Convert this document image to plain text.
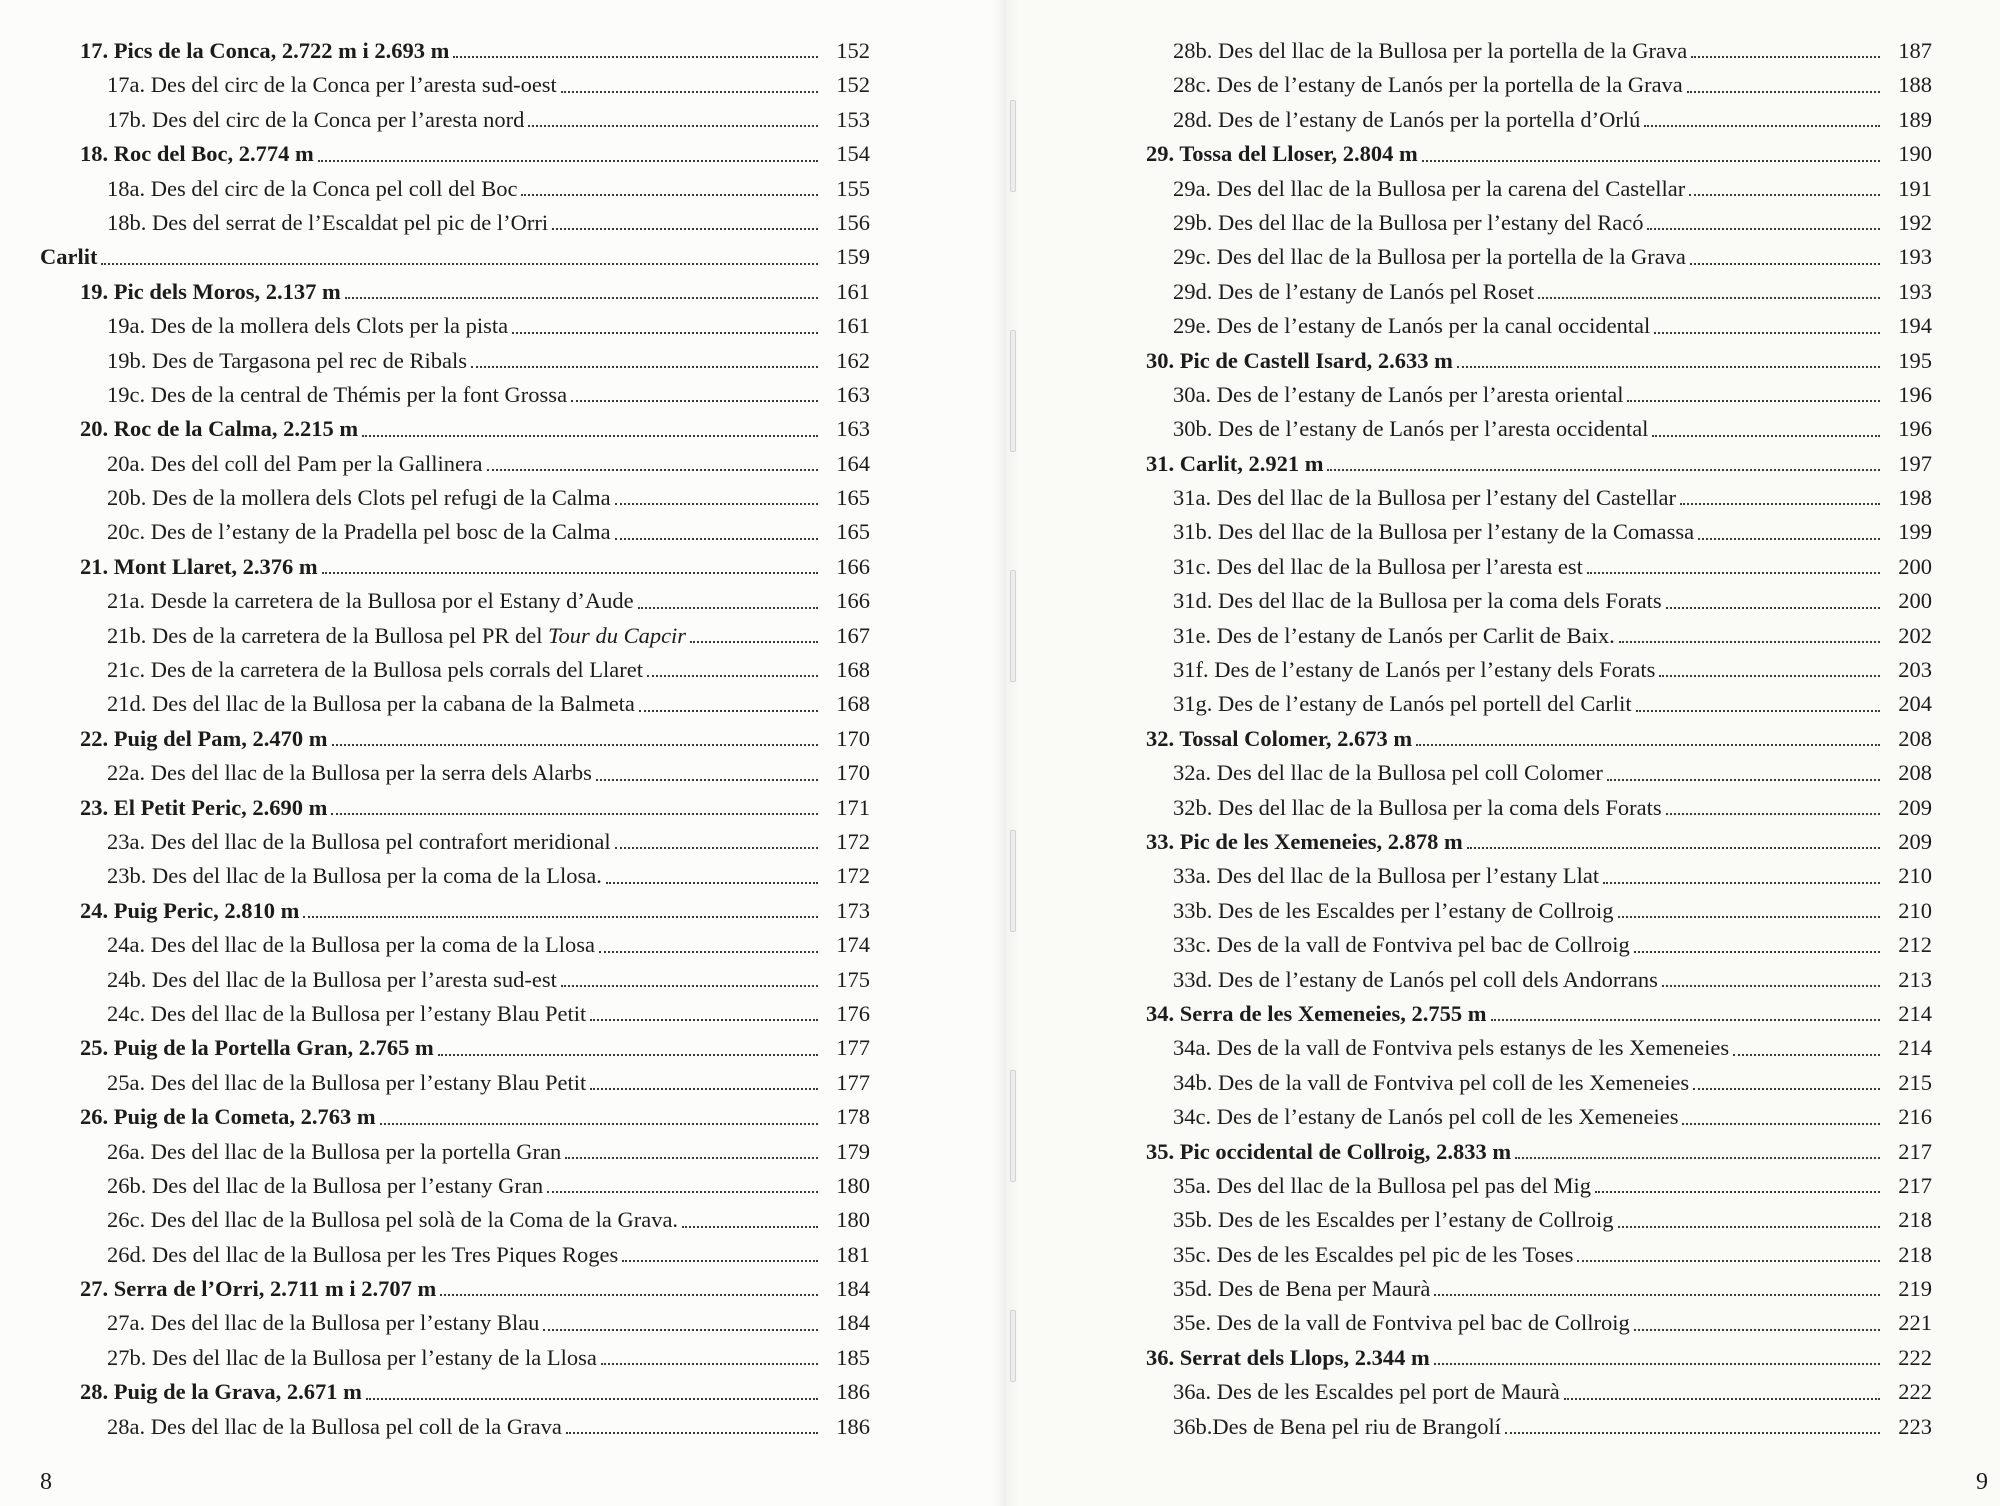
17. Pics de la Conca, 2.722 m i 2.693 m	152
17a. Des del circ de la Conca per l’aresta sud-oest	152
17b. Des del circ de la Conca per l’aresta nord	153
18. Roc del Boc, 2.774 m	154
18a. Des del circ de la Conca pel coll del Boc	155
18b. Des del serrat de l’Escaldat pel pic de l’Orri	156
Carlit	159
19. Pic dels Moros, 2.137 m	161
19a. Des de la mollera dels Clots per la pista	161
19b. Des de Targasona pel rec de Ribals	162
19c. Des de la central de Thémis per la font Grossa	163
20. Roc de la Calma, 2.215 m	163
20a. Des del coll del Pam per la Gallinera	164
20b. Des de la mollera dels Clots pel refugi de la Calma	165
20c. Des de l’estany de la Pradella pel bosc de la Calma	165
21. Mont Llaret, 2.376 m	166
21a. Desde la carretera de la Bullosa por el Estany d’Aude	166
21b. Des de la carretera de la Bullosa pel PR del Tour du Capcir	167
21c. Des de la carretera de la Bullosa pels corrals del Llaret	168
21d. Des del llac de la Bullosa per la cabana de la Balmeta	168
22. Puig del Pam, 2.470 m	170
22a. Des del llac de la Bullosa per la serra dels Alarbs	170
23. El Petit Peric, 2.690 m	171
23a. Des del llac de la Bullosa pel contrafort meridional	172
23b. Des del llac de la Bullosa per la coma de la Llosa.	172
24. Puig Peric, 2.810 m	173
24a. Des del llac de la Bullosa per la coma de la Llosa	174
24b. Des del llac de la Bullosa per l’aresta sud-est	175
24c. Des del llac de la Bullosa per l’estany Blau Petit	176
25. Puig de la Portella Gran, 2.765 m	177
25a. Des del llac de la Bullosa per l’estany Blau Petit	177
26. Puig de la Cometa, 2.763 m	178
26a. Des del llac de la Bullosa per la portella Gran	179
26b. Des del llac de la Bullosa per l’estany Gran	180
26c. Des del llac de la Bullosa pel solà de la Coma de la Grava.	180
26d. Des del llac de la Bullosa per les Tres Piques Roges	181
27. Serra de l’Orri, 2.711 m i 2.707 m	184
27a. Des del llac de la Bullosa per l’estany Blau	184
27b. Des del llac de la Bullosa per l’estany de la Llosa	185
28. Puig de la Grava, 2.671 m	186
28a. Des del llac de la Bullosa pel coll de la Grava	186
8
28b. Des del llac de la Bullosa per la portella de la Grava	187
28c. Des de l’estany de Lanós per la portella de la Grava	188
28d. Des de l’estany de Lanós per la portella d’Orlú	189
29. Tossa del Lloser, 2.804 m	190
29a. Des del llac de la Bullosa per la carena del Castellar	191
29b. Des del llac de la Bullosa per l’estany del Racó	192
29c. Des del llac de la Bullosa per la portella de la Grava	193
29d. Des de l’estany de Lanós pel Roset	193
29e. Des de l’estany de Lanós per la canal occidental	194
30. Pic de Castell Isard, 2.633 m	195
30a. Des de l’estany de Lanós per l’aresta oriental	196
30b. Des de l’estany de Lanós per l’aresta occidental	196
31. Carlit, 2.921 m	197
31a. Des del llac de la Bullosa per l’estany del Castellar	198
31b. Des del llac de la Bullosa per l’estany de la Comassa	199
31c. Des del llac de la Bullosa per l’aresta est	200
31d. Des del llac de la Bullosa per la coma dels Forats	200
31e. Des de l’estany de Lanós per Carlit de Baix.	202
31f. Des de l’estany de Lanós per l’estany dels Forats	203
31g. Des de l’estany de Lanós pel portell del Carlit	204
32. Tossal Colomer, 2.673 m	208
32a. Des del llac de la Bullosa pel coll Colomer	208
32b. Des del llac de la Bullosa per la coma dels Forats	209
33. Pic de les Xemeneies, 2.878 m	209
33a. Des del llac de la Bullosa per l’estany Llat	210
33b. Des de les Escaldes per l’estany de Collroig	210
33c. Des de la vall de Fontviva pel bac de Collroig	212
33d. Des de l’estany de Lanós pel coll dels Andorrans	213
34. Serra de les Xemeneies, 2.755 m	214
34a. Des de la vall de Fontviva pels estanys de les Xemeneies	214
34b. Des de la vall de Fontviva pel coll de les Xemeneies	215
34c. Des de l’estany de Lanós pel coll de les Xemeneies	216
35. Pic occidental de Collroig, 2.833 m	217
35a. Des del llac de la Bullosa pel pas del Mig	217
35b. Des de les Escaldes per l’estany de Collroig	218
35c. Des de les Escaldes pel pic de les Toses	218
35d. Des de Bena per Maurà	219
35e. Des de la vall de Fontviva pel bac de Collroig	221
36. Serrat dels Llops, 2.344 m	222
36a. Des de les Escaldes pel port de Maurà	222
36b.Des de Bena pel riu de Brangolí	223
9
